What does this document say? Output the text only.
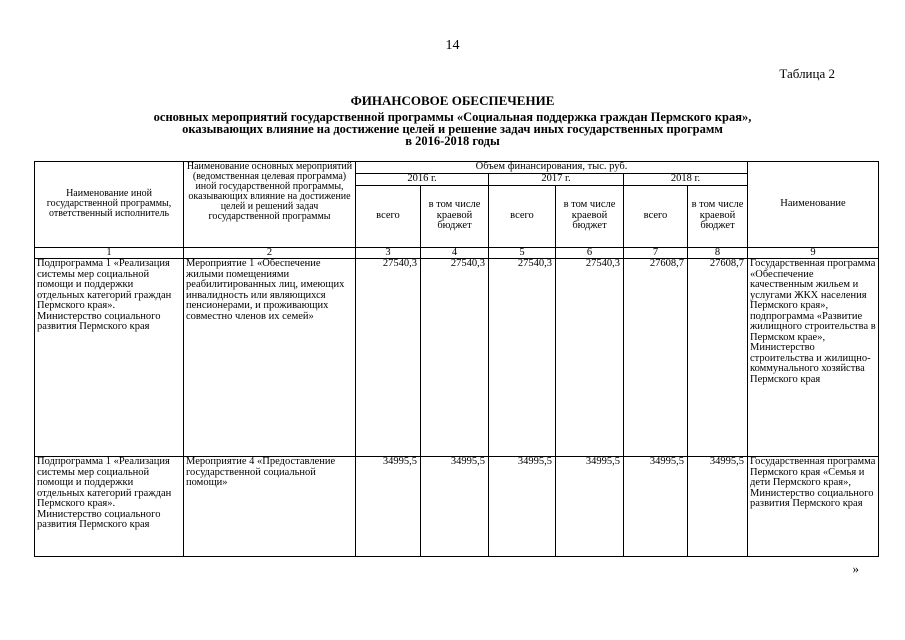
14
Таблица 2
ФИНАНСОВОЕ ОБЕСПЕЧЕНИЕ
основных мероприятий государственной программы «Социальная поддержка граждан Пермского края»,
оказывающих влияние на достижение целей и решение задач иных государственных программ
в 2016-2018 годы
Наименование иной государственной программы, ответственный исполнитель	Наименование основных мероприятий (ведомственная целевая программа) иной государственной программы, оказывающих влияние на достижение целей и решений задач государственной программы	Объем финансирования, тыс. руб.						Наименование
		2016 г.		2017 г.		2018 г.		
		всего	в том числе краевой бюджет	всего	в том числе краевой бюджет	всего	в том числе краевой бюджет	
1	2	3	4	5	6	7	8	9
Подпрограмма 1 «Реализация системы мер социальной помощи и поддержки отдельных категорий граждан Пермского края». Министерство социального развития Пермского края	Мероприятие 1 «Обеспечение жилыми помещениями реабилитированных лиц, имеющих инвалидность или являющихся пенсионерами, и проживающих совместно членов их семей»	27540,3	27540,3	27540,3	27540,3	27608,7	27608,7	Государственная программа «Обеспечение качественным жильем и услугами ЖКХ населения Пермского края», подпрограмма «Развитие жилищного строительства в Пермском крае», Министерство строительства и жилищно-коммунального хозяйства Пермского края
Подпрограмма 1 «Реализация системы мер социальной помощи и поддержки отдельных категорий граждан Пермского края». Министерство социального развития Пермского края	Мероприятие 4 «Предоставление государственной социальной помощи»	34995,5	34995,5	34995,5	34995,5	34995,5	34995,5	Государственная программа Пермского края «Семья и дети Пермского края», Министерство социального развития Пермского края
»
